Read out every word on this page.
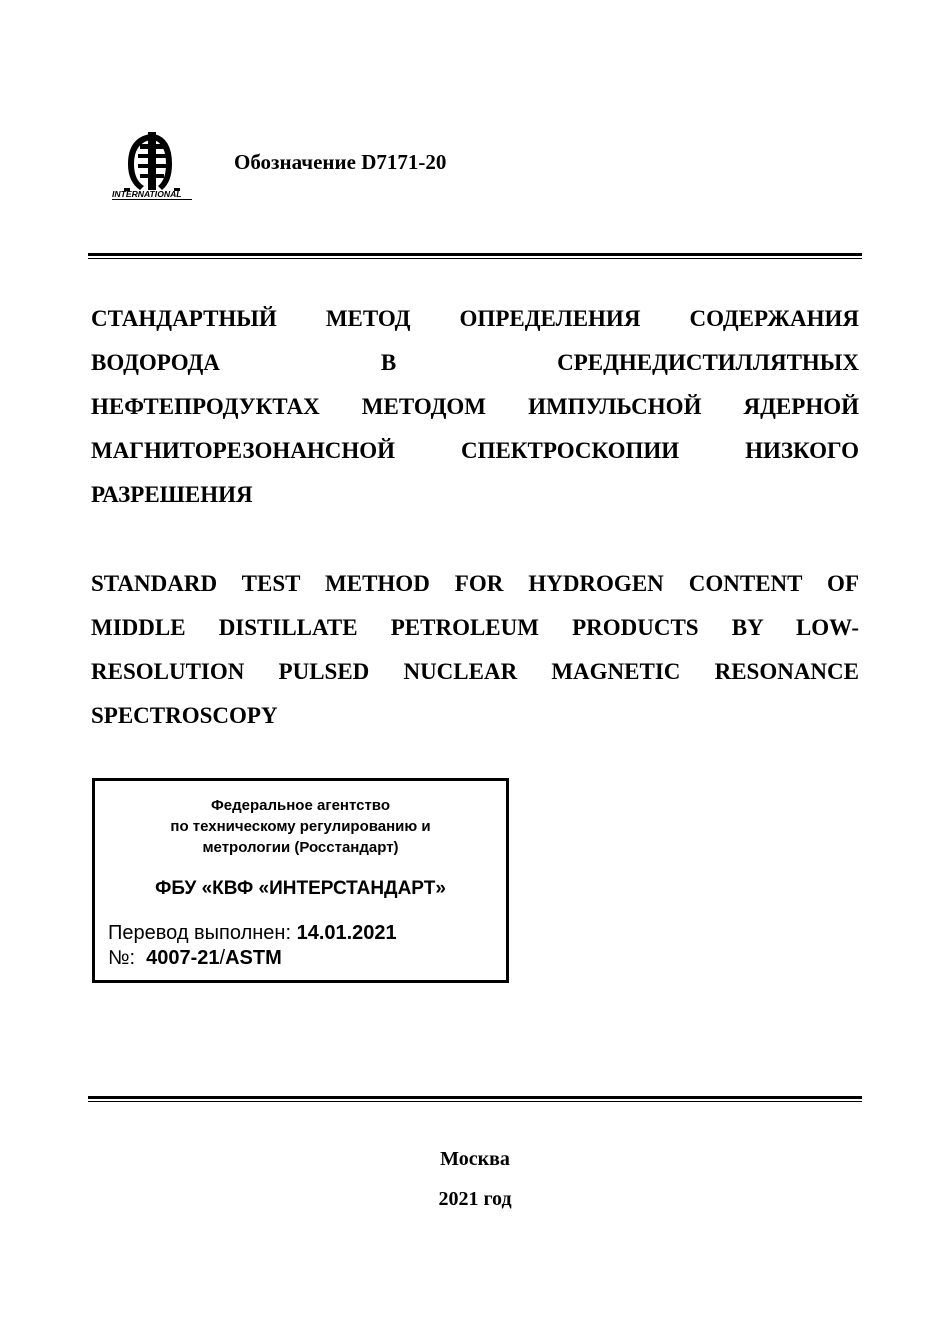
INTERNATIONAL
Обозначение D7171-20
СТАНДАРТНЫЙ МЕТОД ОПРЕДЕЛЕНИЯ СОДЕРЖАНИЯ
ВОДОРОДА В СРЕДНЕДИСТИЛЛЯТНЫХ
НЕФТЕПРОДУКТАХ МЕТОДОМ ИМПУЛЬСНОЙ ЯДЕРНОЙ
МАГНИТОРЕЗОНАНСНОЙ СПЕКТРОСКОПИИ НИЗКОГО
РАЗРЕШЕНИЯ
STANDARD TEST METHOD FOR HYDROGEN CONTENT OF
MIDDLE DISTILLATE PETROLEUM PRODUCTS BY LOW-
RESOLUTION PULSED NUCLEAR MAGNETIC RESONANCE
SPECTROSCOPY
Федеральное агентство
по техническому регулированию и
метрологии (Росстандарт)
ФБУ «КВФ «ИНТЕРСТАНДАРТ»
Перевод выполнен: 14.01.2021
№: 4007-21/ASTM
Москва
2021 год
